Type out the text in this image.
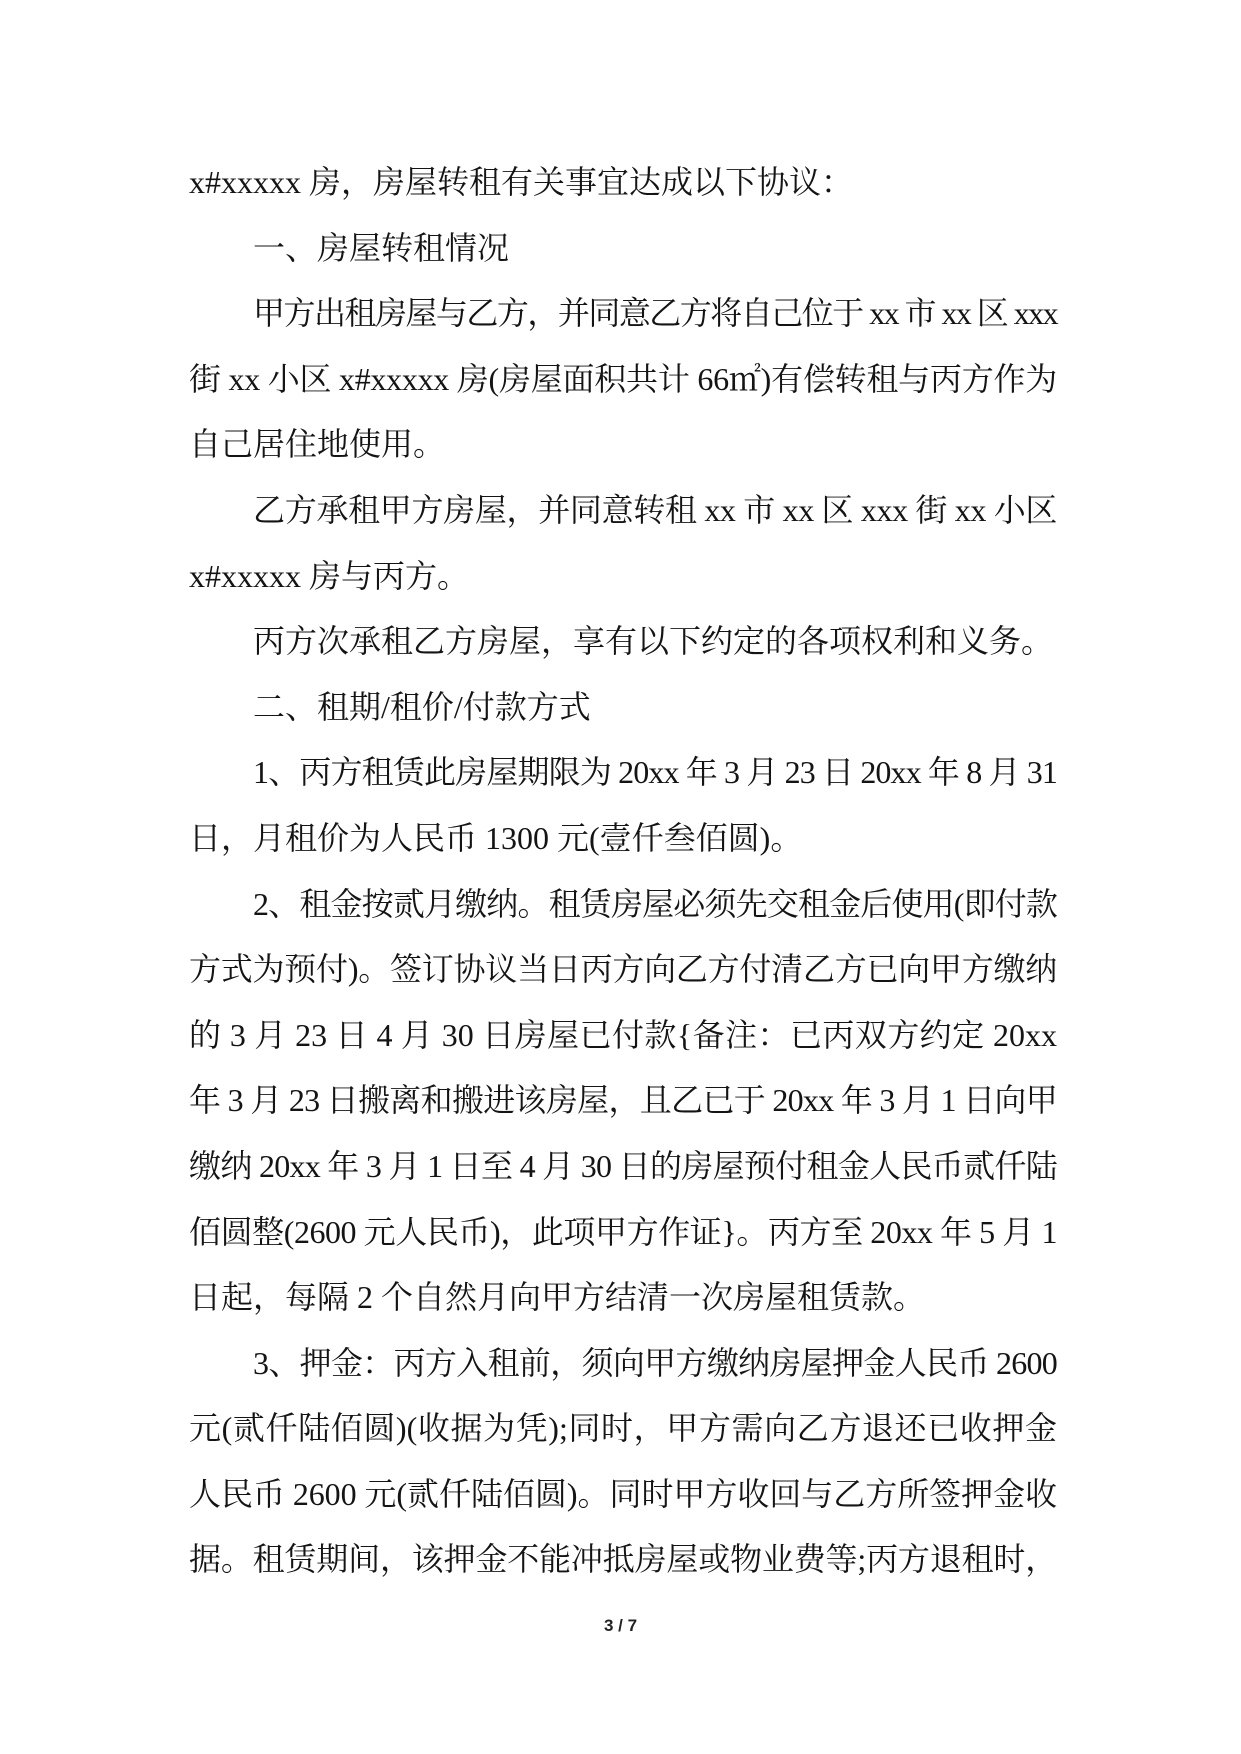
x#xxxxx 房，房屋转租有关事宜达成以下协议：
一、房屋转租情况
甲方出租房屋与乙方，并同意乙方将自己位于 xx 市 xx 区 xxx
街 xx 小区 x#xxxxx 房(房屋面积共计 66㎡)有偿转租与丙方作为
自己居住地使用。
乙方承租甲方房屋，并同意转租 xx 市 xx 区 xxx 街 xx 小区
x#xxxxx 房与丙方。
丙方次承租乙方房屋，享有以下约定的各项权利和义务。
二、租期/租价/付款方式
1、丙方租赁此房屋期限为 20xx 年 3 月 23 日 20xx 年 8 月 31
日，月租价为人民币 1300 元(壹仟叁佰圆)。
2、租金按贰月缴纳。租赁房屋必须先交租金后使用(即付款
方式为预付)。签订协议当日丙方向乙方付清乙方已向甲方缴纳
的 3 月 23 日 4 月 30 日房屋已付款{备注：已丙双方约定 20xx
年 3 月 23 日搬离和搬进该房屋，且乙已于 20xx 年 3 月 1 日向甲
缴纳 20xx 年 3 月 1 日至 4 月 30 日的房屋预付租金人民币贰仟陆
佰圆整(2600 元人民币)，此项甲方作证}。丙方至 20xx 年 5 月 1
日起，每隔 2 个自然月向甲方结清一次房屋租赁款。
3、押金：丙方入租前，须向甲方缴纳房屋押金人民币 2600
元(贰仟陆佰圆)(收据为凭);同时，甲方需向乙方退还已收押金
人民币 2600 元(贰仟陆佰圆)。同时甲方收回与乙方所签押金收
据。租赁期间，该押金不能冲抵房屋或物业费等;丙方退租时，
3 / 7
